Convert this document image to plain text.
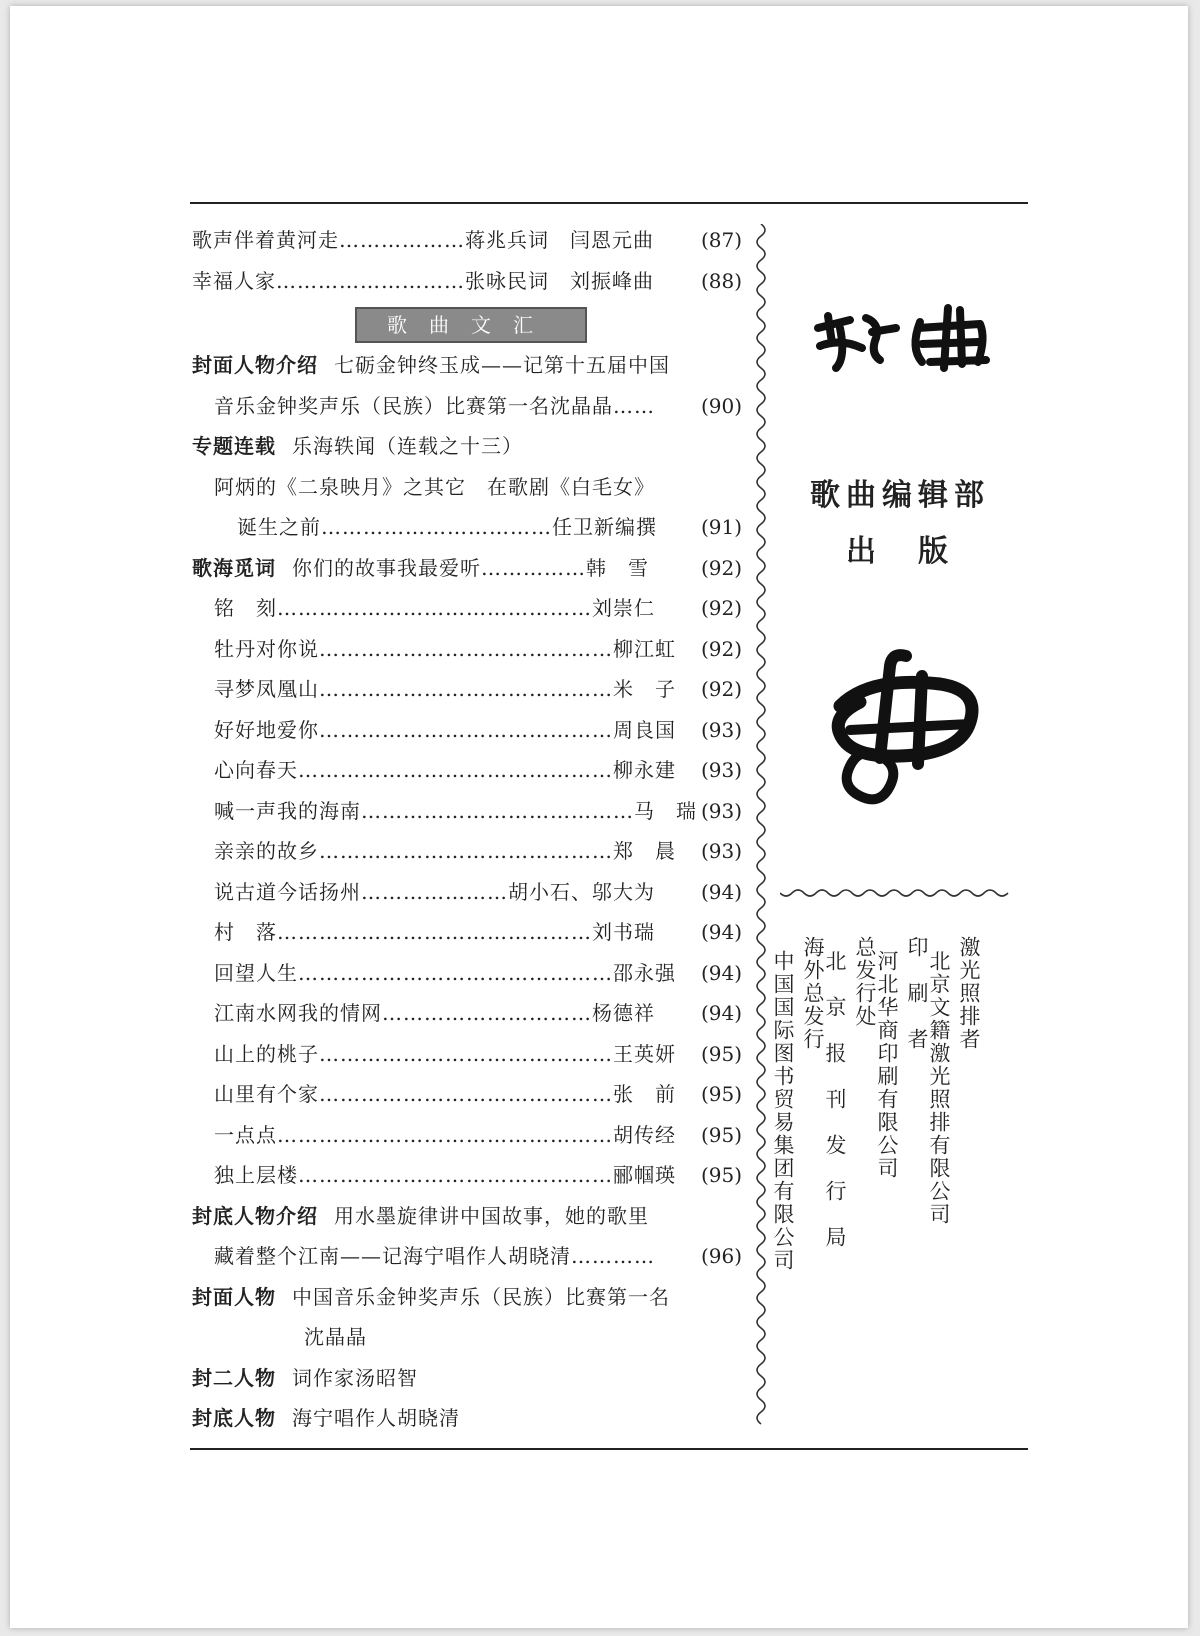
歌声伴着黄河走………………蒋兆兵词　闫恩元曲 (87)
幸福人家………………………张咏民词　刘振峰曲 (88)
歌曲文汇
封面人物介绍 七砺金钟终玉成——记第十五届中国
音乐金钟奖声乐（民族）比赛第一名沈晶晶…… (90)
专题连载 乐海轶闻（连载之十三）
阿炳的《二泉映月》之其它　在歌剧《白毛女》
诞生之前……………………………任卫新编撰 (91)
歌海觅词 你们的故事我最爱听……………韩　雪	(92)
铭　刻………………………………………刘崇仁 (92)
牡丹对你说……………………………………柳江虹 (92)
寻梦凤凰山……………………………………米　子 (92)
好好地爱你……………………………………周良国 (93)
心向春天………………………………………柳永建 (93)
喊一声我的海南…………………………………马　瑞 (93)
亲亲的故乡……………………………………郑　晨 (93)
说古道今话扬州…………………胡小石、邬大为 (94)
村　落………………………………………刘书瑞 (94)
回望人生………………………………………邵永强 (94)
江南水网我的情网…………………………杨德祥 (94)
山上的桃子……………………………………王英妍 (95)
山里有个家……………………………………张　前 (95)
一点点…………………………………………胡传经 (95)
独上层楼………………………………………郦帼瑛 (95)
封底人物介绍 用水墨旋律讲中国故事，她的歌里
藏着整个江南——记海宁唱作人胡晓清………… (96)
封面人物 中国音乐金钟奖声乐（民族）比赛第一名
沈晶晶
封二人物 词作家汤昭智
封底人物 海宁唱作人胡晓清
歌曲编辑部
出　版
海外总发行
中国国际图书贸易集团有限公司	总发行处
北　京　报　刊　发　行　局	印　刷　者
河北华商印刷有限公司	激光照排者
北京文籍激光照排有限公司
